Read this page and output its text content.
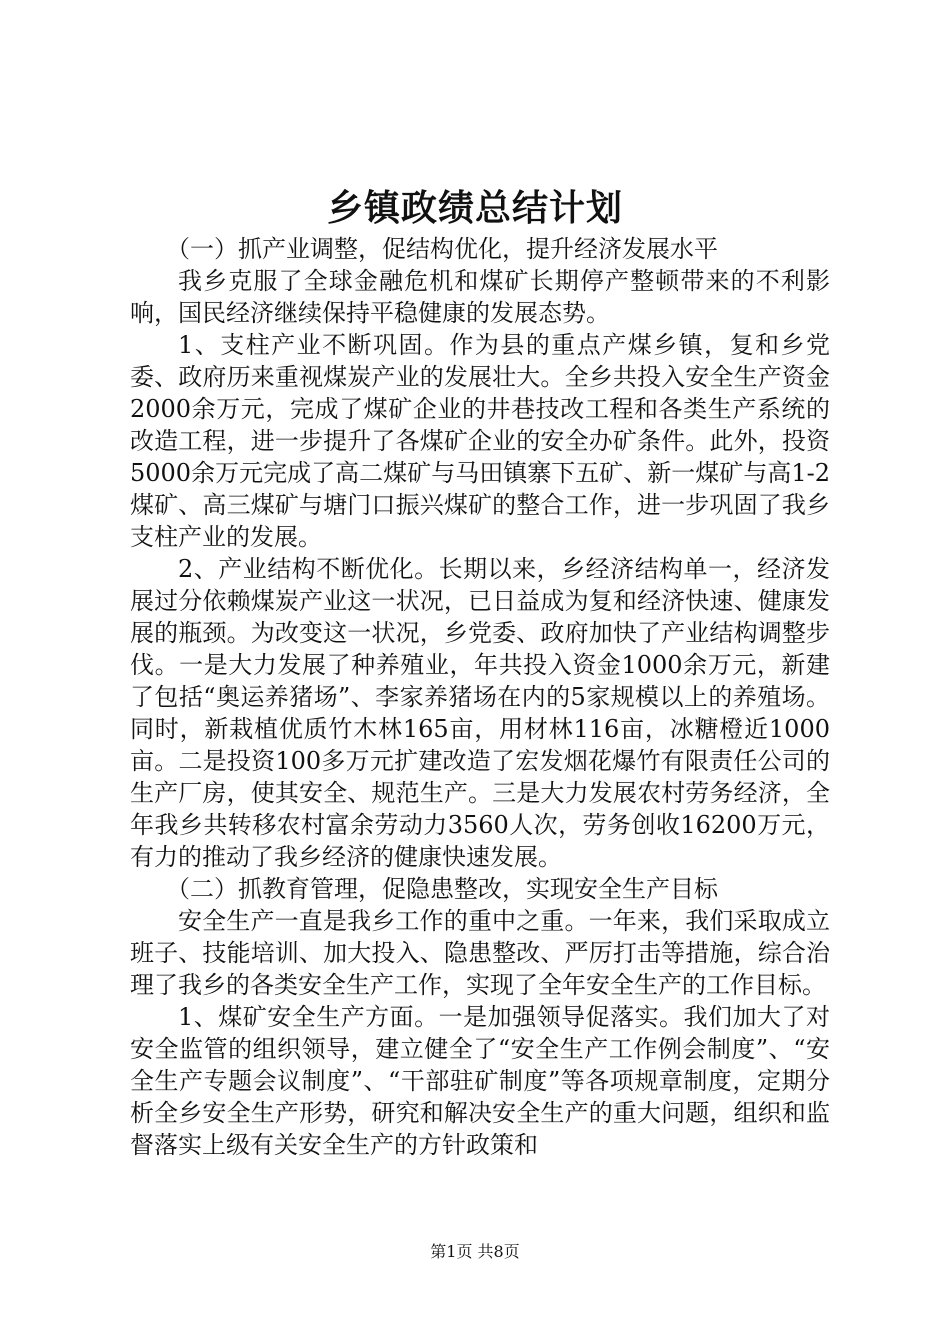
乡镇政绩总结计划

（一）抓产业调整，促结构优化，提升经济发展水平

我乡克服了全球金融危机和煤矿长期停产整顿带来的不利影响，国民经济继续保持平稳健康的发展态势。

1、支柱产业不断巩固。作为县的重点产煤乡镇，复和乡党委、政府历来重视煤炭产业的发展壮大。全乡共投入安全生产资金2000余万元，完成了煤矿企业的井巷技改工程和各类生产系统的改造工程，进一步提升了各煤矿企业的安全办矿条件。此外，投资5000余万元完成了高二煤矿与马田镇寨下五矿、新一煤矿与高1-2煤矿、高三煤矿与塘门口振兴煤矿的整合工作，进一步巩固了我乡支柱产业的发展。

2、产业结构不断优化。长期以来，乡经济结构单一，经济发展过分依赖煤炭产业这一状况，已日益成为复和经济快速、健康发展的瓶颈。为改变这一状况，乡党委、政府加快了产业结构调整步伐。一是大力发展了种养殖业，年共投入资金1000余万元，新建了包括“奥运养猪场”、李家养猪场在内的5家规模以上的养殖场。同时，新栽植优质竹木林165亩，用材林116亩，冰糖橙近1000亩。二是投资100多万元扩建改造了宏发烟花爆竹有限责任公司的生产厂房，使其安全、规范生产。三是大力发展农村劳务经济，全年我乡共转移农村富余劳动力3560人次，劳务创收16200万元，有力的推动了我乡经济的健康快速发展。

（二）抓教育管理，促隐患整改，实现安全生产目标

安全生产一直是我乡工作的重中之重。一年来，我们采取成立班子、技能培训、加大投入、隐患整改、严厉打击等措施，综合治理了我乡的各类安全生产工作，实现了全年安全生产的工作目标。

1、煤矿安全生产方面。一是加强领导促落实。我们加大了对安全监管的组织领导，建立健全了“安全生产工作例会制度”、“安全生产专题会议制度”、“干部驻矿制度”等各项规章制度，定期分析全乡安全生产形势，研究和解决安全生产的重大问题，组织和监督落实上级有关安全生产的方针政策和

第1页 共8页
